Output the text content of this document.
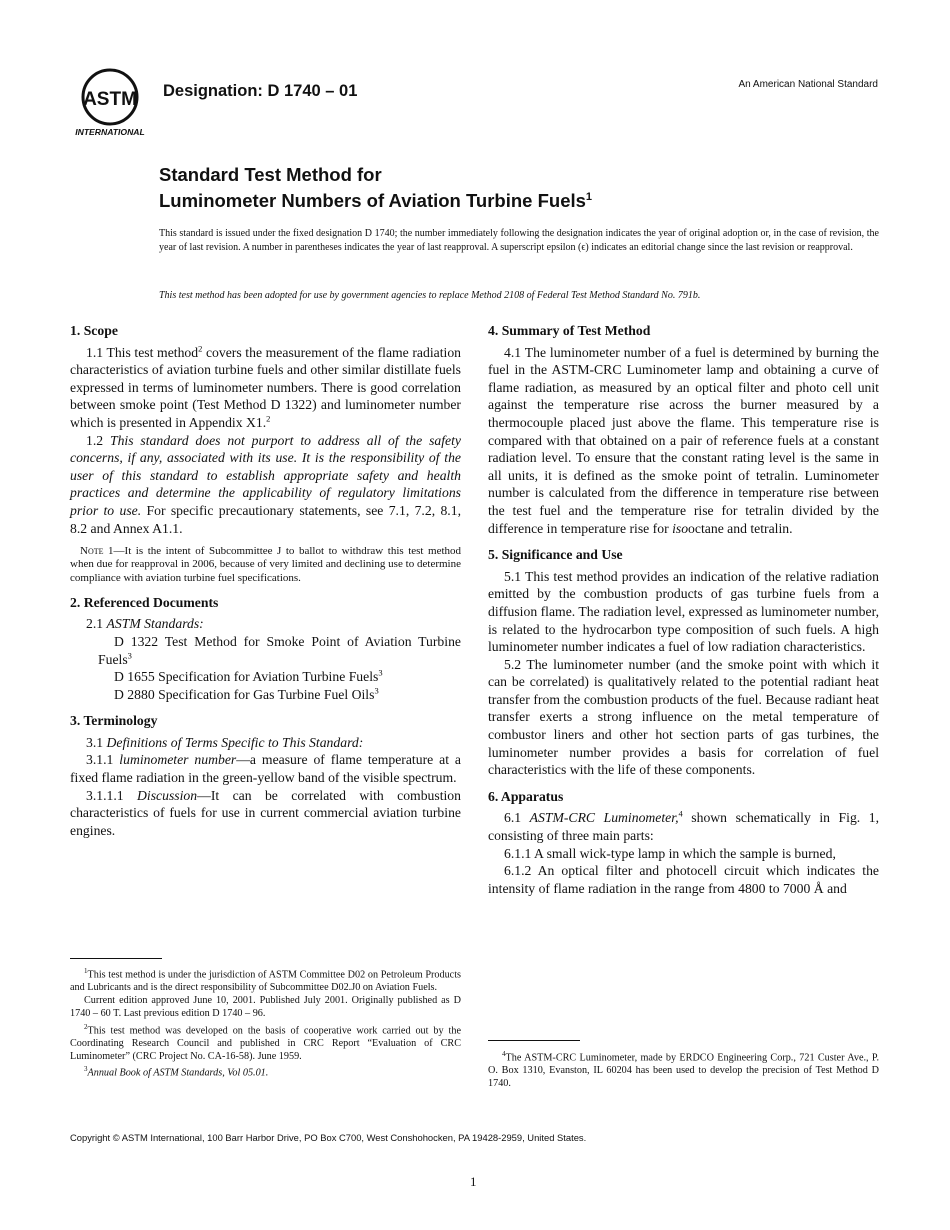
ASTM
INTERNATIONAL
Designation: D 1740 – 01	An American National Standard
Standard Test Method for
Luminometer Numbers of Aviation Turbine Fuels$^1$
This standard is issued under the fixed designation D 1740; the number immediately following the designation indicates the year of original adoption or, in the case of revision, the year of last revision. A number in parentheses indicates the year of last reapproval. A superscript epsilon (ϵ) indicates an editorial change since the last revision or reapproval.
This test method has been adopted for use by government agencies to replace Method 2108 of Federal Test Method Standard No. 791b.
1. Scope

1.1 This test method$^2$ covers the measurement of the flame radiation characteristics of aviation turbine fuels and other similar distillate fuels expressed in terms of luminometer numbers. There is good correlation between smoke point (Test Method D 1322) and luminometer number which is presented in Appendix X1.$^2$

1.2 This standard does not purport to address all of the safety concerns, if any, associated with its use. It is the responsibility of the user of this standard to establish appropriate safety and health practices and determine the applicability of regulatory limitations prior to use. For specific precautionary statements, see 7.1, 7.2, 8.1, 8.2 and Annex A1.1.

Note 1—It is the intent of Subcommittee J to ballot to withdraw this test method when due for reapproval in 2006, because of very limited and declining use to determine compliance with aviation turbine fuel specifications.

2. Referenced Documents

2.1 ASTM Standards:

D 1322 Test Method for Smoke Point of Aviation Turbine Fuels$^3$

D 1655 Specification for Aviation Turbine Fuels$^3$

D 2880 Specification for Gas Turbine Fuel Oils$^3$

3. Terminology

3.1 Definitions of Terms Specific to This Standard:

3.1.1 luminometer number—a measure of flame temperature at a fixed flame radiation in the green-yellow band of the visible spectrum.

3.1.1.1 Discussion—It can be correlated with combustion characteristics of fuels for use in current commercial aviation turbine engines.

$^1$This test method is under the jurisdiction of ASTM Committee D02 on Petroleum Products and Lubricants and is the direct responsibility of Subcommittee D02.J0 on Aviation Fuels.

Current edition approved June 10, 2001. Published July 2001. Originally published as D 1740 – 60 T. Last previous edition D 1740 – 96.

$^2$This test method was developed on the basis of cooperative work carried out by the Coordinating Research Council and published in CRC Report “Evaluation of CRC Luminometer” (CRC Project No. CA-16-58). June 1959.

$^3$Annual Book of ASTM Standards, Vol 05.01.

4. Summary of Test Method

4.1 The luminometer number of a fuel is determined by burning the fuel in the ASTM-CRC Luminometer lamp and obtaining a curve of flame radiation, as measured by an optical filter and photo cell unit against the temperature rise across the burner measured by a thermocouple placed just above the flame. This temperature rise is compared with that obtained on a pair of reference fuels at a constant radiation level. To ensure that the constant rating level is the same in all units, it is defined as the smoke point of tetralin. Luminometer number is calculated from the difference in temperature rise between the test fuel and the temperature rise for tetralin divided by the difference in temperature rise for isooctane and tetralin.

5. Significance and Use

5.1 This test method provides an indication of the relative radiation emitted by the combustion products of gas turbine fuels from a diffusion flame. The radiation level, expressed as luminometer number, is related to the hydrocarbon type composition of such fuels. A high luminometer number indicates a fuel of low radiation characteristics.

5.2 The luminometer number (and the smoke point with which it can be correlated) is qualitatively related to the potential radiant heat transfer from the combustion products of the fuel. Because radiant heat transfer exerts a strong influence on the metal temperature of combustor liners and other hot section parts of gas turbines, the luminometer number provides a basis for correlation of fuel characteristics with the life of these components.

6. Apparatus

6.1 ASTM-CRC Luminometer,$^4$ shown schematically in Fig. 1, consisting of three main parts:

6.1.1 A small wick-type lamp in which the sample is burned,

6.1.2 An optical filter and photocell circuit which indicates the intensity of flame radiation in the range from 4800 to 7000 Å and

$^4$The ASTM-CRC Luminometer, made by ERDCO Engineering Corp., 721 Custer Ave., P. O. Box 1310, Evanston, IL 60204 has been used to develop the precision of Test Method D 1740.

Copyright © ASTM International, 100 Barr Harbor Drive, PO Box C700, West Conshohocken, PA 19428-2959, United States.
1
